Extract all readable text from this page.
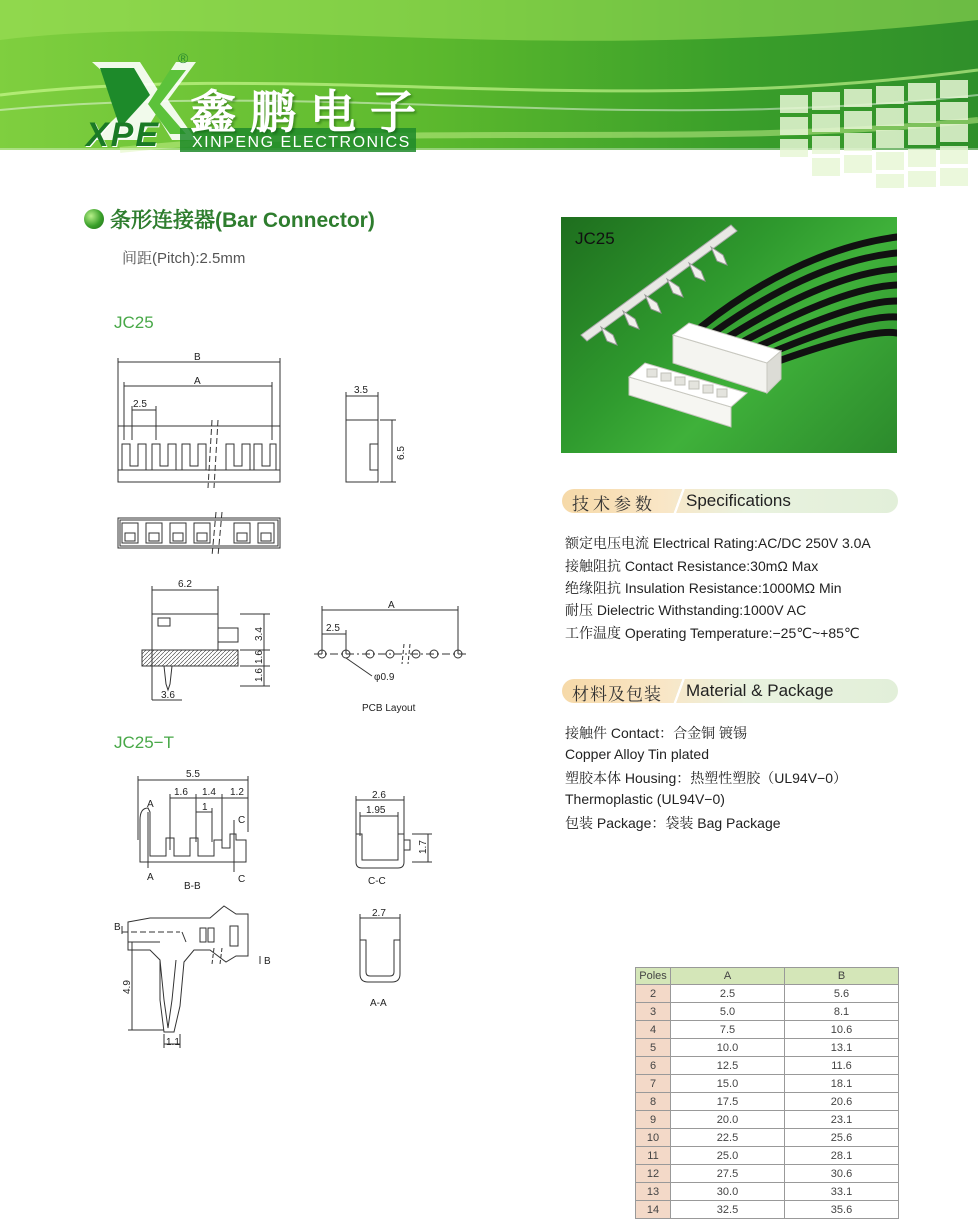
®
XPE 鑫鹏电子
XINPENG ELECTRONICS
条形连接器(Bar Connector)
间距(Pitch):2.5mm
JC25
JC25−T
B
A
2.5
3.5
6.5
6.2
3.4
1.6
1.6
3.6
A
2.5
φ0.9
PCB Layout
5.5
1.6 1.4
1
1.2
A
A
C
C
B-B
2.6
1.95
1.7
C-C
B
B
4.9
1.1
2.7
A-A
JC25
技术参数 Specifications
额定电压电流 Electrical Rating:AC/DC 250V 3.0A
接触阻抗 Contact Resistance:30mΩ Max
绝缘阻抗 Insulation Resistance:1000MΩ Min
耐压 Dielectric Withstanding:1000V AC
工作温度 Operating Temperature:−25℃~+85℃
材料及包装 Material & Package
接触件 Contact：合金铜 镀锡
Copper Alloy Tin plated
塑胶本体 Housing：热塑性塑胶（UL94V−0）
Thermoplastic (UL94V−0)
包装 Package：袋装 Bag Package
Poles	A	B
2	2.5	5.6
3	5.0	8.1
4	7.5	10.6
5	10.0	13.1
6	12.5	11.6
7	15.0	18.1
8	17.5	20.6
9	20.0	23.1
10	22.5	25.6
11	25.0	28.1
12	27.5	30.6
13	30.0	33.1
14	32.5	35.6
